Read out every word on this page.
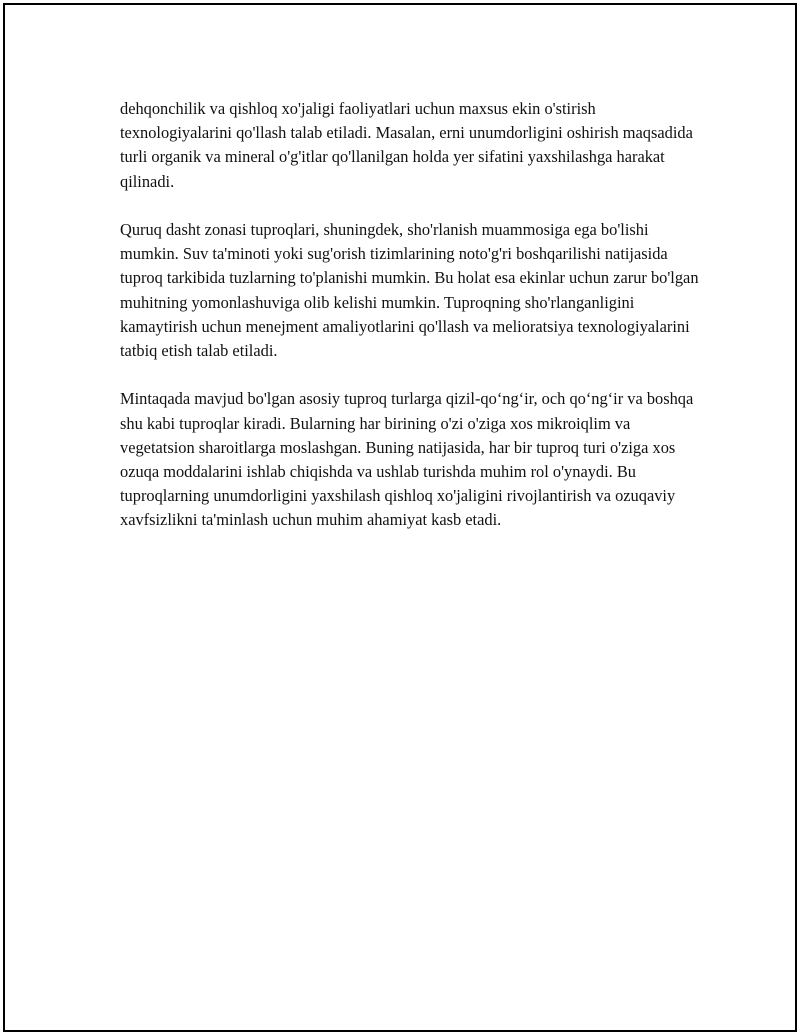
dehqonchilik va qishloq xo'jaligi faoliyatlari uchun maxsus ekin o'stirish texnologiyalarini qo'llash talab etiladi. Masalan, erni unumdorligini oshirish maqsadida turli organik va mineral o'g'itlar qo'llanilgan holda yer sifatini yaxshilashga harakat qilinadi.

Quruq dasht zonasi tuproqlari, shuningdek, sho'rlanish muammosiga ega bo'lishi mumkin. Suv ta'minoti yoki sug'orish tizimlarining noto'g'ri boshqarilishi natijasida tuproq tarkibida tuzlarning to'planishi mumkin. Bu holat esa ekinlar uchun zarur bo'lgan muhitning yomonlashuviga olib kelishi mumkin. Tuproqning sho'rlanganligini kamaytirish uchun menejment amaliyotlarini qo'llash va melioratsiya texnologiyalarini tatbiq etish talab etiladi.

Mintaqada mavjud bo'lgan asosiy tuproq turlarga qizil-qo‘ng‘ir, och qo‘ng‘ir va boshqa shu kabi tuproqlar kiradi. Bularning har birining o'zi o'ziga xos mikroiqlim va vegetatsion sharoitlarga moslashgan. Buning natijasida, har bir tuproq turi o'ziga xos ozuqa moddalarini ishlab chiqishda va ushlab turishda muhim rol o'ynaydi. Bu tuproqlarning unumdorligini yaxshilash qishloq xo'jaligini rivojlantirish va ozuqaviy xavfsizlikni ta'minlash uchun muhim ahamiyat kasb etadi.
